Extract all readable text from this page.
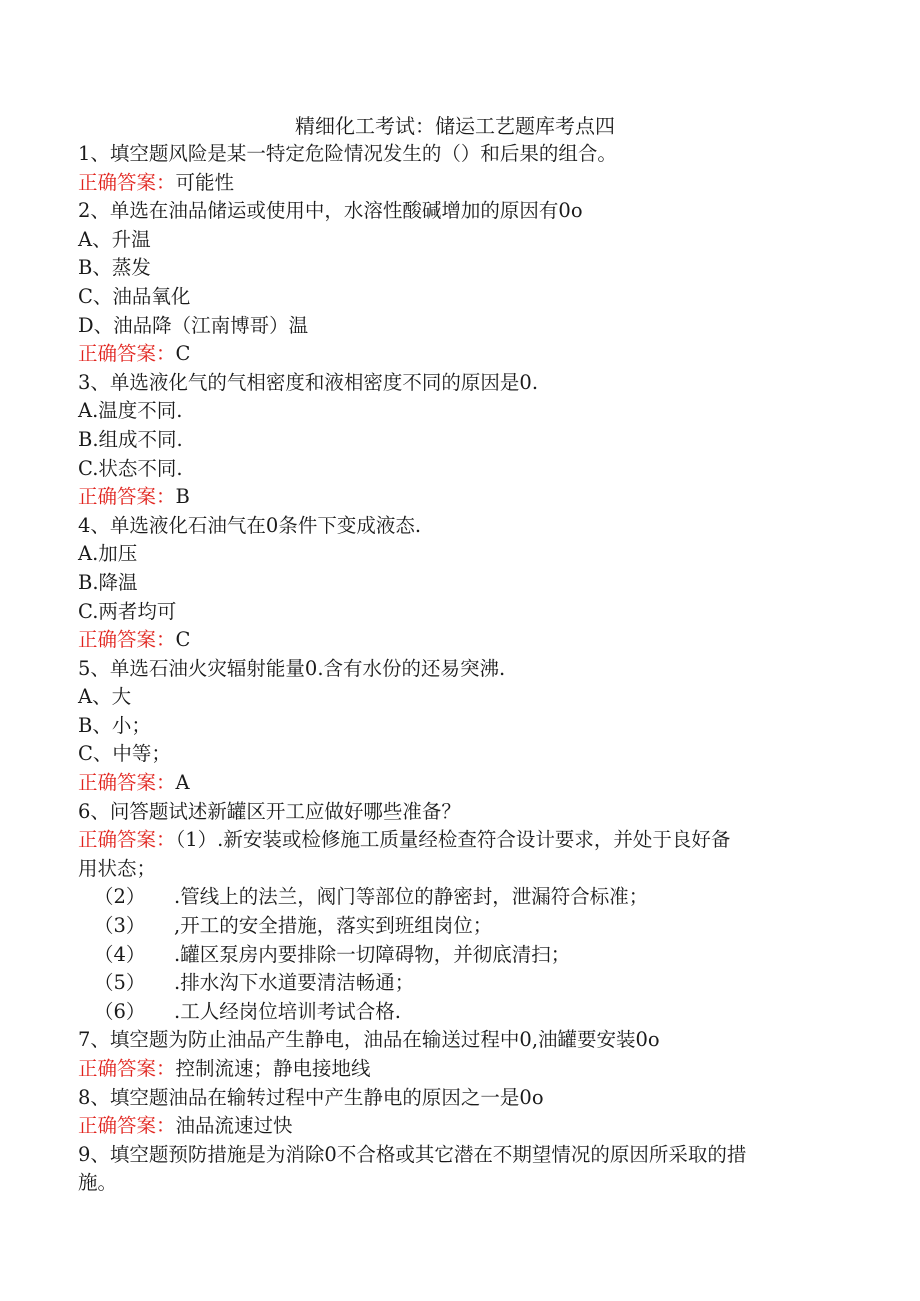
精细化工考试：储运工艺题库考点四
1、填空题风险是某一特定危险情况发生的（）和后果的组合。
正确答案：可能性
2、单选在油品储运或使用中，水溶性酸碱增加的原因有0o
A、升温
B、蒸发
C、油品氧化
D、油品降（江南博哥）温
正确答案：C
3、单选液化气的气相密度和液相密度不同的原因是0.
A.温度不同.
B.组成不同.
C.状态不同.
正确答案：B
4、单选液化石油气在0条件下变成液态.
A.加压
B.降温
C.两者均可
正确答案：C
5、单选石油火灾辐射能量0.含有水份的还易突沸.
A、大
B、小；
C、中等；
正确答案：A
6、问答题试述新罐区开工应做好哪些准备？
正确答案：（1）.新安装或检修施工质量经检查符合设计要求，并处于良好备
用状态；
（2）	.管线上的法兰，阀门等部位的静密封，泄漏符合标准；
（3）	,开工的安全措施，落实到班组岗位；
（4）	.罐区泵房内要排除一切障碍物，并彻底清扫；
（5）	.排水沟下水道要清洁畅通；
（6）	.工人经岗位培训考试合格.
7、填空题为防止油品产生静电，油品在输送过程中0,油罐要安装0o
正确答案：控制流速；静电接地线
8、填空题油品在输转过程中产生静电的原因之一是0o
正确答案：油品流速过快
9、填空题预防措施是为消除0不合格或其它潜在不期望情况的原因所采取的措
施。
